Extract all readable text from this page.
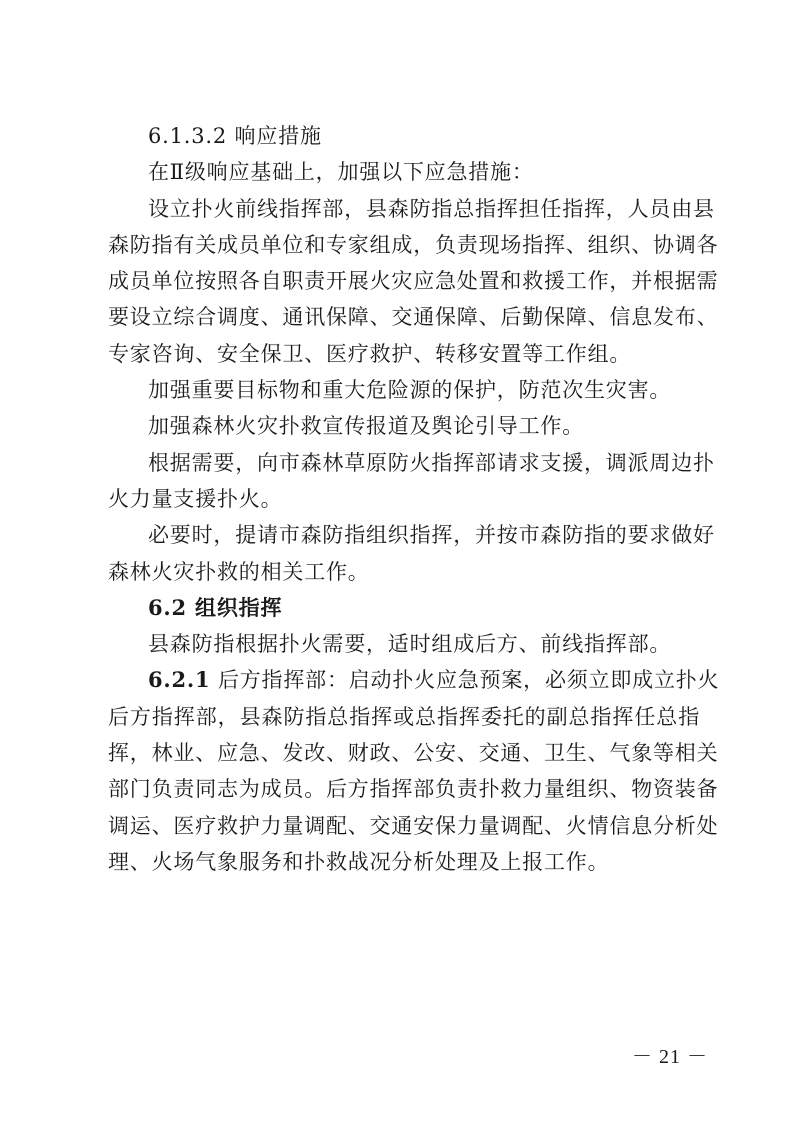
6.1.3.2 响应措施
在Ⅱ级响应基础上，加强以下应急措施：
设立扑火前线指挥部，县森防指总指挥担任指挥，人员由县
森防指有关成员单位和专家组成，负责现场指挥、组织、协调各
成员单位按照各自职责开展火灾应急处置和救援工作，并根据需
要设立综合调度、通讯保障、交通保障、后勤保障、信息发布、
专家咨询、安全保卫、医疗救护、转移安置等工作组。
加强重要目标物和重大危险源的保护，防范次生灾害。
加强森林火灾扑救宣传报道及舆论引导工作。
根据需要，向市森林草原防火指挥部请求支援，调派周边扑
火力量支援扑火。
必要时，提请市森防指组织指挥，并按市森防指的要求做好
森林火灾扑救的相关工作。
6.2 组织指挥
县森防指根据扑火需要，适时组成后方、前线指挥部。
6.2.1 后方指挥部：启动扑火应急预案，必须立即成立扑火
后方指挥部，县森防指总指挥或总指挥委托的副总指挥任总指
挥，林业、应急、发改、财政、公安、交通、卫生、气象等相关
部门负责同志为成员。后方指挥部负责扑救力量组织、物资装备
调运、医疗救护力量调配、交通安保力量调配、火情信息分析处
理、火场气象服务和扑救战况分析处理及上报工作。
－ 21 －
